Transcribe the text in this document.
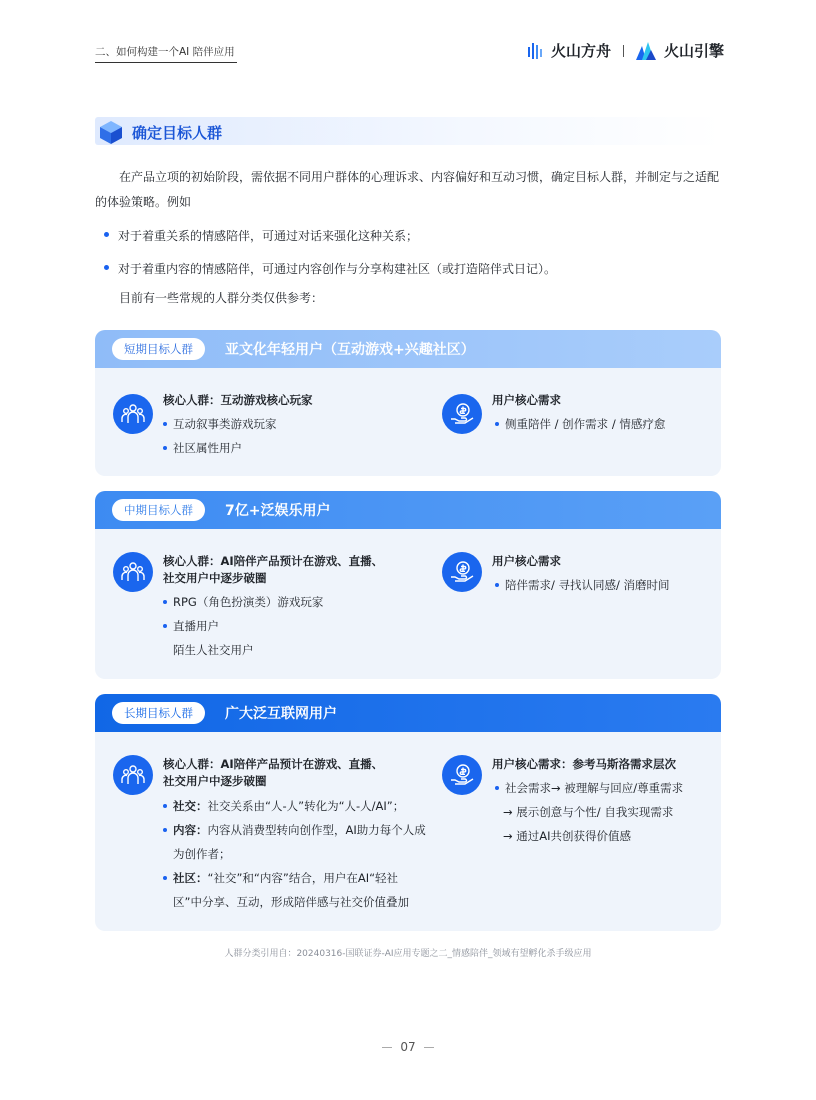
二、如何构建一个AI 陪伴应用	火山方舟	火山引擎
确定目标人群

在产品立项的初始阶段，需依据不同用户群体的心理诉求、内容偏好和互动习惯，确定目标人群，并制定与之适配的体验策略。例如

对于着重关系的情感陪伴，可通过对话来强化这种关系；
对于着重内容的情感陪伴，可通过内容创作与分享构建社区（或打造陪伴式日记）。

目前有一些常规的人群分类仅供参考：

短期目标人群	亚文化年轻用户（互动游戏+兴趣社区）
核心人群：互动游戏核心玩家
互动叙事类游戏玩家
社区属性用户
用户核心需求
侧重陪伴 / 创作需求 / 情感疗愈
中期目标人群	7亿+泛娱乐用户
核心人群：AI陪伴产品预计在游戏、直播、
社交用户中逐步破圈
RPG（角色扮演类）游戏玩家
直播用户
陌生人社交用户
用户核心需求
陪伴需求/ 寻找认同感/ 消磨时间
长期目标人群	广大泛互联网用户
核心人群：AI陪伴产品预计在游戏、直播、
社交用户中逐步破圈
社交：社交关系由“人-人”转化为“人-人/AI”；
内容：内容从消费型转向创作型，AI助力每个人成
为创作者；
社区：“社交”和“内容”结合，用户在AI“轻社
区”中分享、互动，形成陪伴感与社交价值叠加
用户核心需求：参考马斯洛需求层次
社会需求→ 被理解与回应/尊重需求
→ 展示创意与个性/ 自我实现需求
→ 通过AI共创获得价值感
人群分类引用自：20240316-国联证券-AI应用专题之二_情感陪伴_领域有望孵化杀手级应用
07
